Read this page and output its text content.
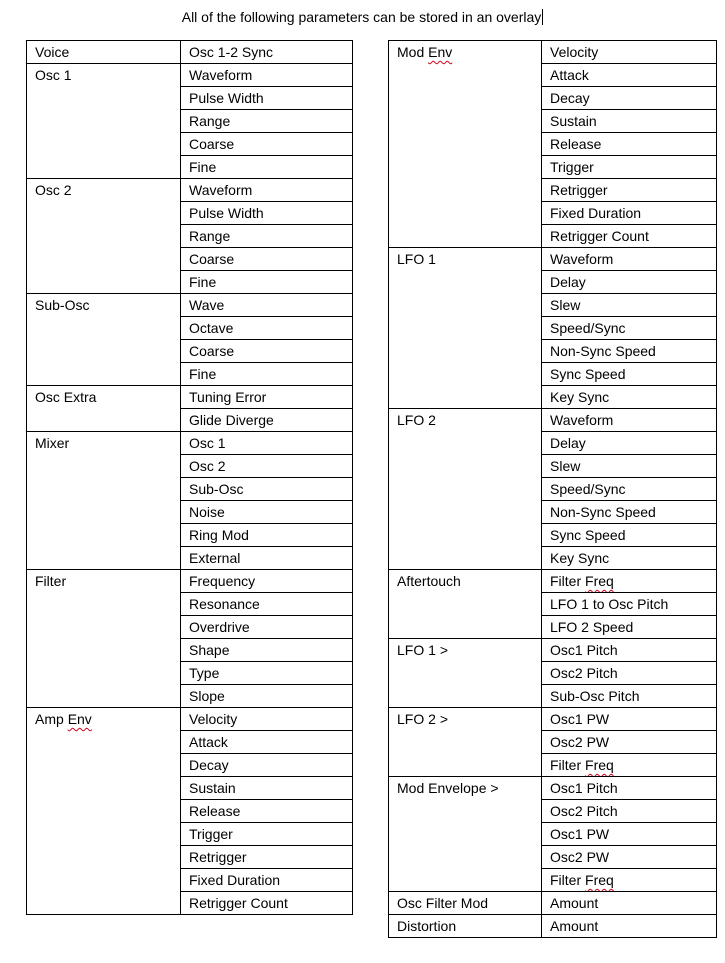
All of the following parameters can be stored in an overlay
Voice	Osc 1-2 Sync
Osc 1	Waveform
	Pulse Width
	Range
	Coarse
	Fine
Osc 2	Waveform
	Pulse Width
	Range
	Coarse
	Fine
Sub-Osc	Wave
	Octave
	Coarse
	Fine
Osc Extra	Tuning Error
	Glide Diverge
Mixer	Osc 1
	Osc 2
	Sub-Osc
	Noise
	Ring Mod
	External
Filter	Frequency
	Resonance
	Overdrive
	Shape
	Type
	Slope
Amp Env	Velocity
	Attack
	Decay
	Sustain
	Release
	Trigger
	Retrigger
	Fixed Duration
	Retrigger Count
Mod Env	Velocity
	Attack
	Decay
	Sustain
	Release
	Trigger
	Retrigger
	Fixed Duration
	Retrigger Count
LFO 1	Waveform
	Delay
	Slew
	Speed/Sync
	Non-Sync Speed
	Sync Speed
	Key Sync
LFO 2	Waveform
	Delay
	Slew
	Speed/Sync
	Non-Sync Speed
	Sync Speed
	Key Sync
Aftertouch	Filter Freq
	LFO 1 to Osc Pitch
	LFO 2 Speed
LFO 1 >	Osc1 Pitch
	Osc2 Pitch
	Sub-Osc Pitch
LFO 2 >	Osc1 PW
	Osc2 PW
	Filter Freq
Mod Envelope >	Osc1 Pitch
	Osc2 Pitch
	Osc1 PW
	Osc2 PW
	Filter Freq
Osc Filter Mod	Amount
Distortion	Amount
